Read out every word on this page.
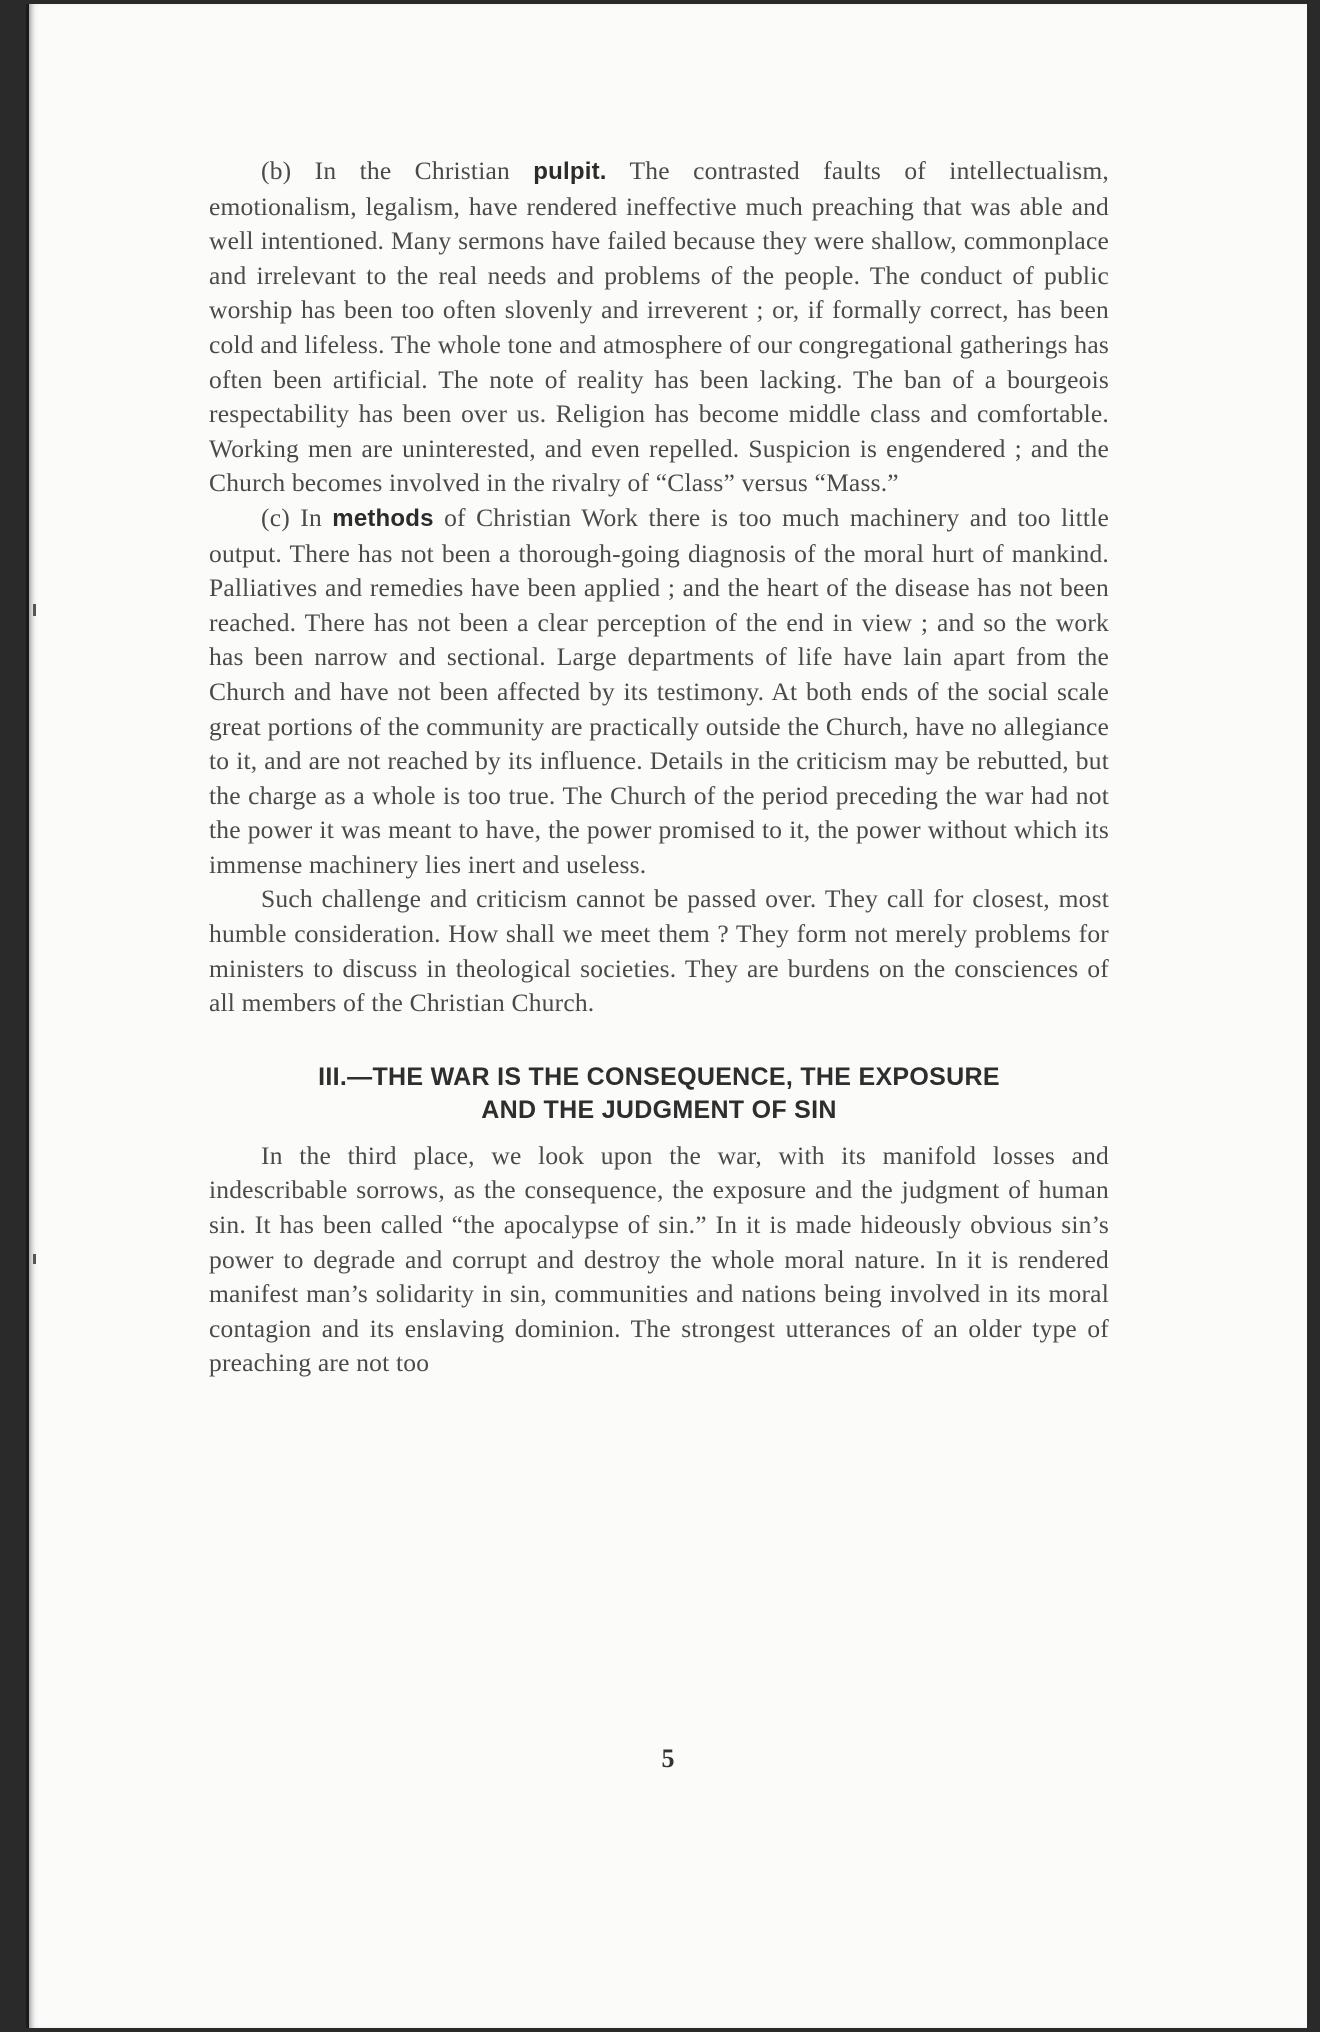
(b) In the Christian pulpit. The contrasted faults of intellectualism, emotionalism, legalism, have rendered ineffective much preaching that was able and well intentioned. Many sermons have failed because they were shallow, commonplace and irrelevant to the real needs and problems of the people. The conduct of public worship has been too often slovenly and irreverent ; or, if formally correct, has been cold and lifeless. The whole tone and atmosphere of our congregational gatherings has often been artificial. The note of reality has been lacking. The ban of a bourgeois respectability has been over us. Religion has become middle class and comfortable. Working men are uninterested, and even repelled. Suspicion is engendered ; and the Church becomes involved in the rivalry of “Class” versus “Mass.”

(c) In methods of Christian Work there is too much machinery and too little output. There has not been a thorough-going diagnosis of the moral hurt of mankind. Palliatives and remedies have been applied ; and the heart of the disease has not been reached. There has not been a clear perception of the end in view ; and so the work has been narrow and sectional. Large departments of life have lain apart from the Church and have not been affected by its testimony. At both ends of the social scale great portions of the community are practically outside the Church, have no allegiance to it, and are not reached by its influence. Details in the criticism may be rebutted, but the charge as a whole is too true. The Church of the period preceding the war had not the power it was meant to have, the power promised to it, the power without which its immense machinery lies inert and useless.

Such challenge and criticism cannot be passed over. They call for closest, most humble consideration. How shall we meet them ? They form not merely problems for ministers to discuss in theological societies. They are burdens on the consciences of all members of the Christian Church.

III.—THE WAR IS THE CONSEQUENCE, THE EXPOSURE
AND THE JUDGMENT OF SIN

In the third place, we look upon the war, with its manifold losses and indescribable sorrows, as the consequence, the exposure and the judgment of human sin. It has been called “the apocalypse of sin.” In it is made hideously obvious sin’s power to degrade and corrupt and destroy the whole moral nature. In it is rendered manifest man’s solidarity in sin, communities and nations being involved in its moral contagion and its enslaving dominion. The strongest utterances of an older type of preaching are not too

5
